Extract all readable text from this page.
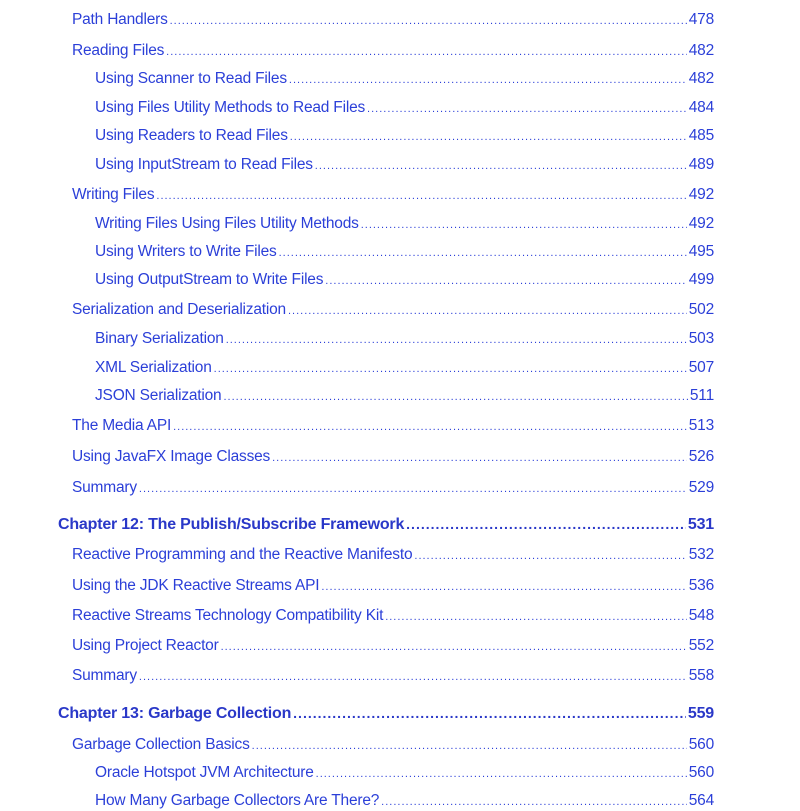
Path Handlers .....	478
Reading Files .....	482
Using Scanner to Read Files .....	482
Using Files Utility Methods to Read Files .....	484
Using Readers to Read Files .....	485
Using InputStream to Read Files .....	489
Writing Files .....	492
Writing Files Using Files Utility Methods .....	492
Using Writers to Write Files .....	495
Using OutputStream to Write Files .....	499
Serialization and Deserialization .....	502
Binary Serialization .....	503
XML Serialization .....	507
JSON Serialization .....	511
The Media API .....	513
Using JavaFX Image Classes .....	526
Summary .....	529
Chapter 12: The Publish/Subscribe Framework .....	531
Reactive Programming and the Reactive Manifesto .....	532
Using the JDK Reactive Streams API .....	536
Reactive Streams Technology Compatibility Kit .....	548
Using Project Reactor .....	552
Summary .....	558
Chapter 13: Garbage Collection .....	559
Garbage Collection Basics .....	560
Oracle Hotspot JVM Architecture .....	560
How Many Garbage Collectors Are There? .....	564
